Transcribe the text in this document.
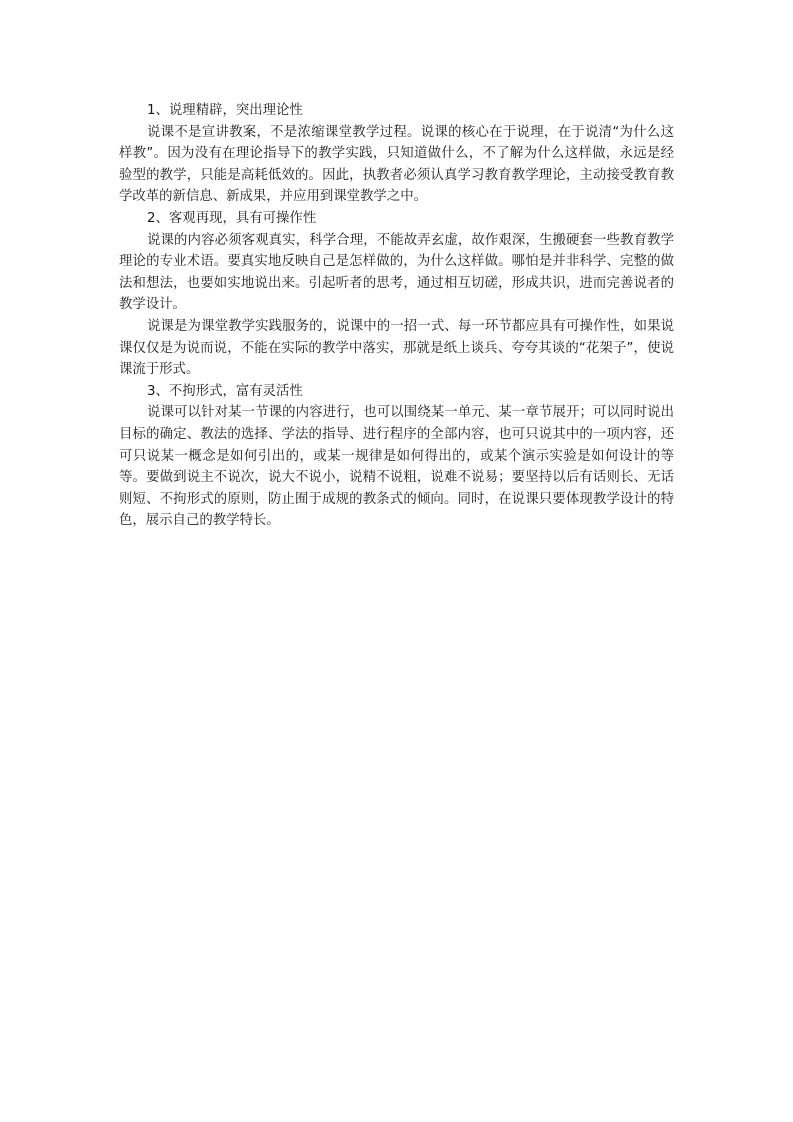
1、说理精辟，突出理论性

说课不是宣讲教案，不是浓缩课堂教学过程。说课的核心在于说理，在于说清“为什么这样教”。因为没有在理论指导下的教学实践，只知道做什么，不了解为什么这样做，永远是经验型的教学，只能是高耗低效的。因此，执教者必须认真学习教育教学理论，主动接受教育教学改革的新信息、新成果，并应用到课堂教学之中。

2、客观再现，具有可操作性

说课的内容必须客观真实，科学合理，不能故弄玄虚，故作艰深，生搬硬套一些教育教学理论的专业术语。要真实地反映自己是怎样做的，为什么这样做。哪怕是并非科学、完整的做法和想法，也要如实地说出来。引起听者的思考，通过相互切磋，形成共识，进而完善说者的教学设计。

说课是为课堂教学实践服务的，说课中的一招一式、每一环节都应具有可操作性，如果说课仅仅是为说而说，不能在实际的教学中落实，那就是纸上谈兵、夸夸其谈的“花架子”，使说课流于形式。

3、不拘形式，富有灵活性

说课可以针对某一节课的内容进行，也可以围绕某一单元、某一章节展开；可以同时说出目标的确定、教法的选择、学法的指导、进行程序的全部内容，也可只说其中的一项内容，还可只说某一概念是如何引出的，或某一规律是如何得出的，或某个演示实验是如何设计的等等。要做到说主不说次，说大不说小，说精不说粗，说难不说易；要坚持以后有话则长、无话则短、不拘形式的原则，防止囿于成规的教条式的倾向。同时，在说课只要体现教学设计的特色，展示自己的教学特长。
